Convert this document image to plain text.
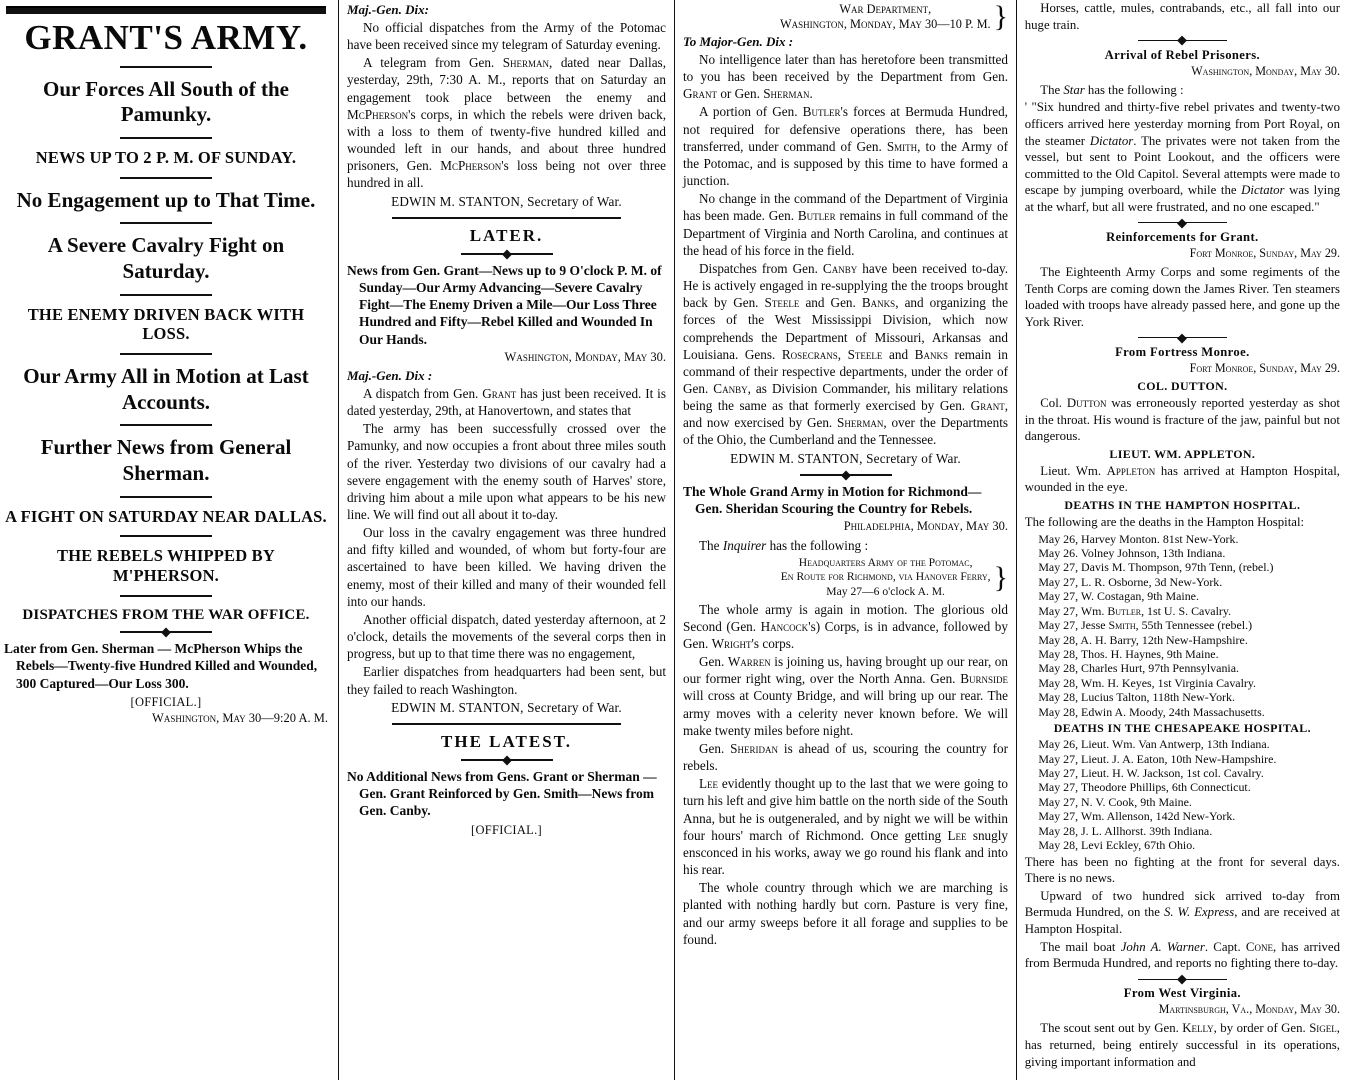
GRANT'S ARMY.
Our Forces All South of the Pamunky.
NEWS UP TO 2 P. M. OF SUNDAY.
No Engagement up to That Time.
A Severe Cavalry Fight on Saturday.
THE ENEMY DRIVEN BACK WITH LOSS.
Our Army All in Motion at Last Accounts.
Further News from General Sherman.
A FIGHT ON SATURDAY NEAR DALLAS.
THE REBELS WHIPPED BY M'PHERSON.
DISPATCHES FROM THE WAR OFFICE.
Later from Gen. Sherman — McPherson Whips the Rebels—Twenty-five Hundred Killed and Wounded, 300 Captured—Our Loss 300.
[OFFICIAL.]
Washington, May 30—9:20 A. M.
Maj.-Gen. Dix:

No official dispatches from the Army of the Potomac have been received since my telegram of Saturday evening.

A telegram from Gen. Sherman, dated near Dallas, yesterday, 29th, 7:30 A. M., reports that on Saturday an engagement took place between the enemy and McPherson's corps, in which the rebels were driven back, with a loss to them of twenty-five hundred killed and wounded left in our hands, and about three hundred prisoners, Gen. McPherson's loss being not over three hundred in all.

EDWIN M. STANTON, Secretary of War.
LATER.
News from Gen. Grant—News up to 9 O'clock P. M. of Sunday—Our Army Advancing—Severe Cavalry Fight—The Enemy Driven a Mile—Our Loss Three Hundred and Fifty—Rebel Killed and Wounded In Our Hands.
Washington, Monday, May 30.
Maj.-Gen. Dix :

A dispatch from Gen. Grant has just been received. It is dated yesterday, 29th, at Hanovertown, and states that

The army has been successfully crossed over the Pamunky, and now occupies a front about three miles south of the river. Yesterday two divisions of our cavalry had a severe engagement with the enemy south of Harves' store, driving him about a mile upon what appears to be his new line. We will find out all about it to-day.

Our loss in the cavalry engagement was three hundred and fifty killed and wounded, of whom but forty-four are ascertained to have been killed. We having driven the enemy, most of their killed and many of their wounded fell into our hands.

Another official dispatch, dated yesterday afternoon, at 2 o'clock, details the movements of the several corps then in progress, but up to that time there was no engagement,

Earlier dispatches from headquarters had been sent, but they failed to reach Washington.

EDWIN M. STANTON, Secretary of War.
THE LATEST.
No Additional News from Gens. Grant or Sherman — Gen. Grant Reinforced by Gen. Smith—News from Gen. Canby.
[OFFICIAL.]
War Department,
Washington, Monday, May 30—10 P. M. }
To Major-Gen. Dix :

No intelligence later than has heretofore been transmitted to you has been received by the Department from Gen. Grant or Gen. Sherman.

A portion of Gen. Butler's forces at Bermuda Hundred, not required for defensive operations there, has been transferred, under command of Gen. Smith, to the Army of the Potomac, and is supposed by this time to have formed a junction.

No change in the command of the Department of Virginia has been made. Gen. Butler remains in full command of the Department of Virginia and North Carolina, and continues at the head of his force in the field.

Dispatches from Gen. Canby have been received to-day. He is actively engaged in re-supplying the the troops brought back by Gen. Steele and Gen. Banks, and organizing the forces of the West Mississippi Division, which now comprehends the Department of Missouri, Arkansas and Louisiana. Gens. Rosecrans, Steele and Banks remain in command of their respective departments, under the order of Gen. Canby, as Division Commander, his military relations being the same as that formerly exercised by Gen. Grant, and now exercised by Gen. Sherman, over the Departments of the Ohio, the Cumberland and the Tennessee.

EDWIN M. STANTON, Secretary of War.
The Whole Grand Army in Motion for Richmond—Gen. Sheridan Scouring the Country for Rebels.
Philadelphia, Monday, May 30.

The Inquirer has the following :

Headquarters Army of the Potomac,
En Route for Richmond, via Hanover Ferry,
May 27—6 o'clock A. M.	}

The whole army is again in motion. The glorious old Second (Gen. Hancock's) Corps, is in advance, followed by Gen. Wright's corps.

Gen. Warren is joining us, having brought up our rear, on our former right wing, over the North Anna. Gen. Burnside will cross at County Bridge, and will bring up our rear. The army moves with a celerity never known before. We will make twenty miles before night.

Gen. Sheridan is ahead of us, scouring the country for rebels.

Lee evidently thought up to the last that we were going to turn his left and give him battle on the north side of the South Anna, but he is outgeneraled, and by night we will be within four hours' march of Richmond. Once getting Lee snugly ensconced in his works, away we go round his flank and into his rear.

The whole country through which we are marching is planted with nothing hardly but corn. Pasture is very fine, and our army sweeps before it all forage and supplies to be found.

Horses, cattle, mules, contrabands, etc., all fall into our huge train.

Arrival of Rebel Prisoners.
Washington, Monday, May 30.

The Star has the following :

' "Six hundred and thirty-five rebel privates and twenty-two officers arrived here yesterday morning from Port Royal, on the steamer Dictator. The privates were not taken from the vessel, but sent to Point Lookout, and the officers were committed to the Old Capitol. Several attempts were made to escape by jumping overboard, while the Dictator was lying at the wharf, but all were frustrated, and no one escaped."

Reinforcements for Grant.
Fort Monroe, Sunday, May 29.

The Eighteenth Army Corps and some regiments of the Tenth Corps are coming down the James River. Ten steamers loaded with troops have already passed here, and gone up the York River.

From Fortress Monroe.
Fort Monroe, Sunday, May 29.
COL. DUTTON.

Col. Dutton was erroneously reported yesterday as shot in the throat. His wound is fracture of the jaw, painful but not dangerous.

LIEUT. WM. APPLETON.

Lieut. Wm. Appleton has arrived at Hampton Hospital, wounded in the eye.

DEATHS IN THE HAMPTON HOSPITAL.

The following are the deaths in the Hampton Hospital:

May 26, Harvey Monton. 81st New-York.
May 26. Volney Johnson, 13th Indiana.
May 27, Davis M. Thompson, 97th Tenn, (rebel.)
May 27, L. R. Osborne, 3d New-York.
May 27, W. Costagan, 9th Maine.
May 27, Wm. Butler, 1st U. S. Cavalry.
May 27, Jesse Smith, 55th Tennessee (rebel.)
May 28, A. H. Barry, 12th New-Hampshire.
May 28, Thos. H. Haynes, 9th Maine.
May 28, Charles Hurt, 97th Pennsylvania.
May 28, Wm. H. Keyes, 1st Virginia Cavalry.
May 28, Lucius Talton, 118th New-York.
May 28, Edwin A. Moody, 24th Massachusetts.
DEATHS IN THE CHESAPEAKE HOSPITAL.
May 26, Lieut. Wm. Van Antwerp, 13th Indiana.
May 27, Lieut. J. A. Eaton, 10th New-Hampshire.
May 27, Lieut. H. W. Jackson, 1st col. Cavalry.
May 27, Theodore Phillips, 6th Connecticut.
May 27, N. V. Cook, 9th Maine.
May 27, Wm. Allenson, 142d New-York.
May 28, J. L. Allhorst. 39th Indiana.
May 28, Levi Eckley, 67th Ohio.

There has been no fighting at the front for several days. There is no news.

Upward of two hundred sick arrived to-day from Bermuda Hundred, on the S. W. Express, and are received at Hampton Hospital.

The mail boat John A. Warner. Capt. Cone, has arrived from Bermuda Hundred, and reports no fighting there to-day.

From West Virginia.
Martinsburgh, Va., Monday, May 30.

The scout sent out by Gen. Kelly, by order of Gen. Sigel, has returned, being entirely successful in its operations, giving important information and
